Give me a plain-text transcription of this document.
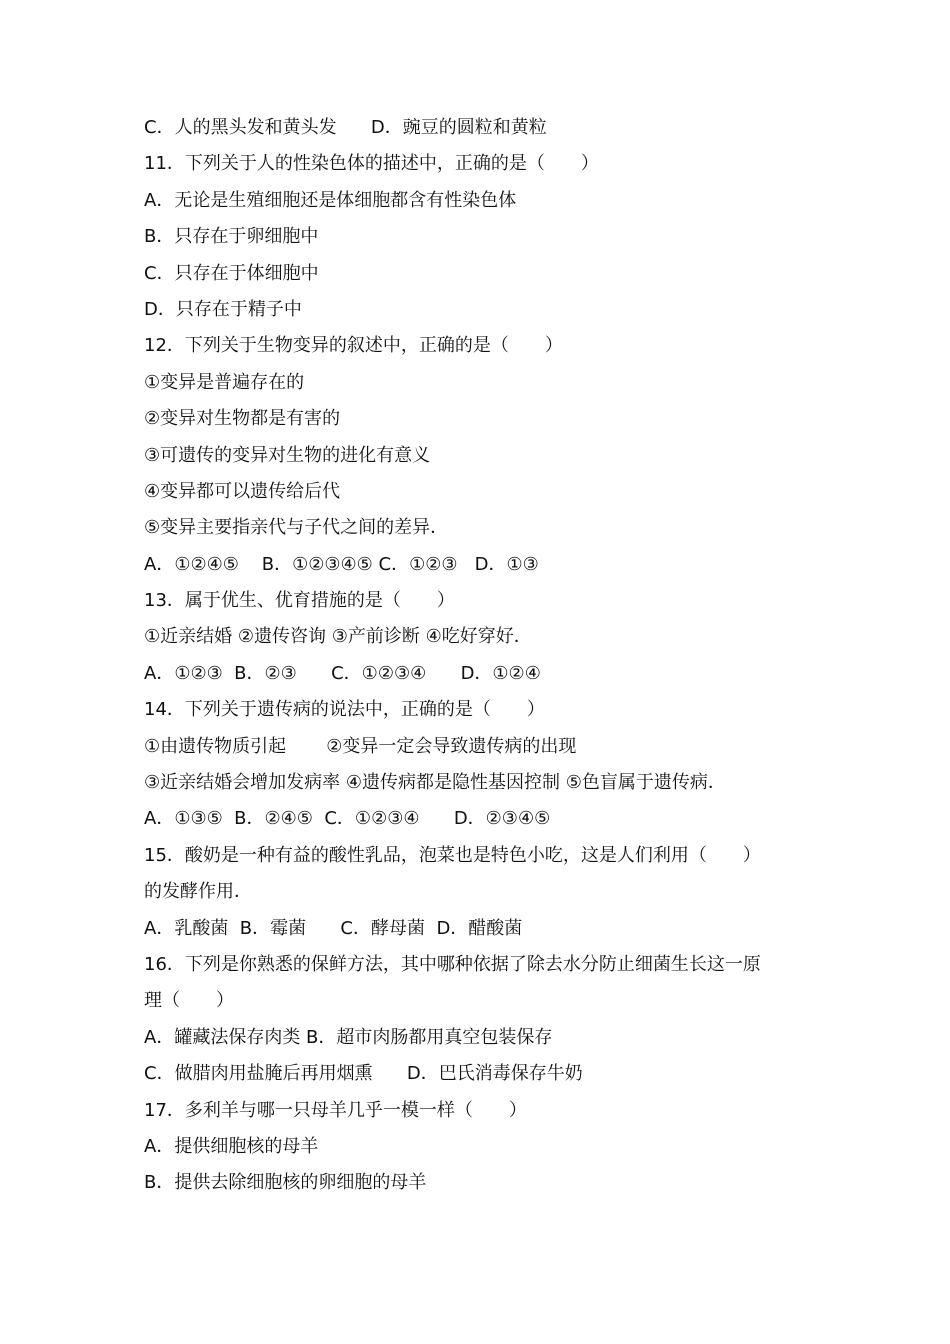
C．人的黑头发和黄头发      D．豌豆的圆粒和黄粒
11．下列关于人的性染色体的描述中，正确的是（　　）
A．无论是生殖细胞还是体细胞都含有性染色体
B．只存在于卵细胞中
C．只存在于体细胞中
D．只存在于精子中
12．下列关于生物变异的叙述中，正确的是（　　）
①变异是普遍存在的
②变异对生物都是有害的
③可遗传的变异对生物的进化有意义
④变异都可以遗传给后代
⑤变异主要指亲代与子代之间的差异．
A．①②④⑤    B．①②③④⑤ C．①②③   D．①③
13．属于优生、优育措施的是（　　）
①近亲结婚 ②遗传咨询 ③产前诊断 ④吃好穿好．
A．①②③  B．②③      C．①②③④      D．①②④
14．下列关于遗传病的说法中，正确的是（　　）
①由遗传物质引起       ②变异一定会导致遗传病的出现
③近亲结婚会增加发病率 ④遗传病都是隐性基因控制 ⑤色盲属于遗传病．
A．①③⑤  B．②④⑤  C．①②③④      D．②③④⑤
15．酸奶是一种有益的酸性乳品，泡菜也是特色小吃，这是人们利用（　　）
的发酵作用．
A．乳酸菌  B．霉菌      C．酵母菌  D．醋酸菌
16．下列是你熟悉的保鲜方法，其中哪种依据了除去水分防止细菌生长这一原
理（　　）
A．罐藏法保存肉类 B．超市肉肠都用真空包装保存
C．做腊肉用盐腌后再用烟熏      D．巴氏消毒保存牛奶
17．多利羊与哪一只母羊几乎一模一样（　　）
A．提供细胞核的母羊
B．提供去除细胞核的卵细胞的母羊
